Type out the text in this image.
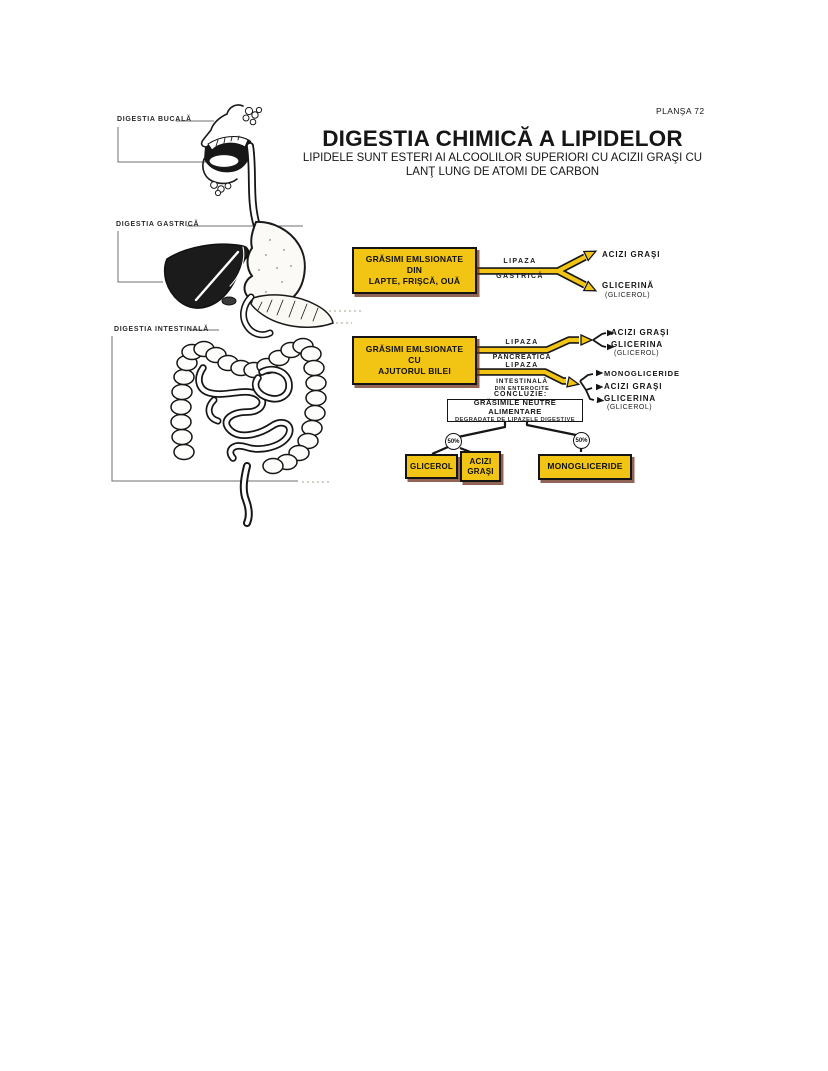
PLANŞA 72
DIGESTIA CHIMICĂ A LIPIDELOR
LIPIDELE SUNT ESTERI AI ALCOOLILOR SUPERIORI CU ACIZII GRAŞI CU
LANŢ LUNG DE ATOMI DE CARBON
DIGESTIA BUCALĂ
DIGESTIA GASTRICĂ
DIGESTIA INTESTINALĂ
GRĂSIMI EMLSIONATE
DIN
LAPTE, FRIŞCĂ, OUĂ
LIPAZA
GASTRICĂ
ACIZI GRAŞI
GLICERINĂ
(GLICEROL)
GRĂSIMI EMLSIONATE
CU
AJUTORUL BILEI
LIPAZA
PANCREATICĂ
ACIZI GRAŞI
GLICERINA
(GLICEROL)
LIPAZA
INTESTINALĂ
DIN ENTEROCITE
MONOGLICERIDE
ACIZI GRAŞI
GLICERINA
(GLICEROL)
CONCLUZIE:
GRĂSIMILE NEUTRE ALIMENTARE
DEGRADATE DE LIPAZELE DIGESTIVE
50%	50%
GLICEROL
ACIZI
GRAŞI	MONOGLICERIDE
